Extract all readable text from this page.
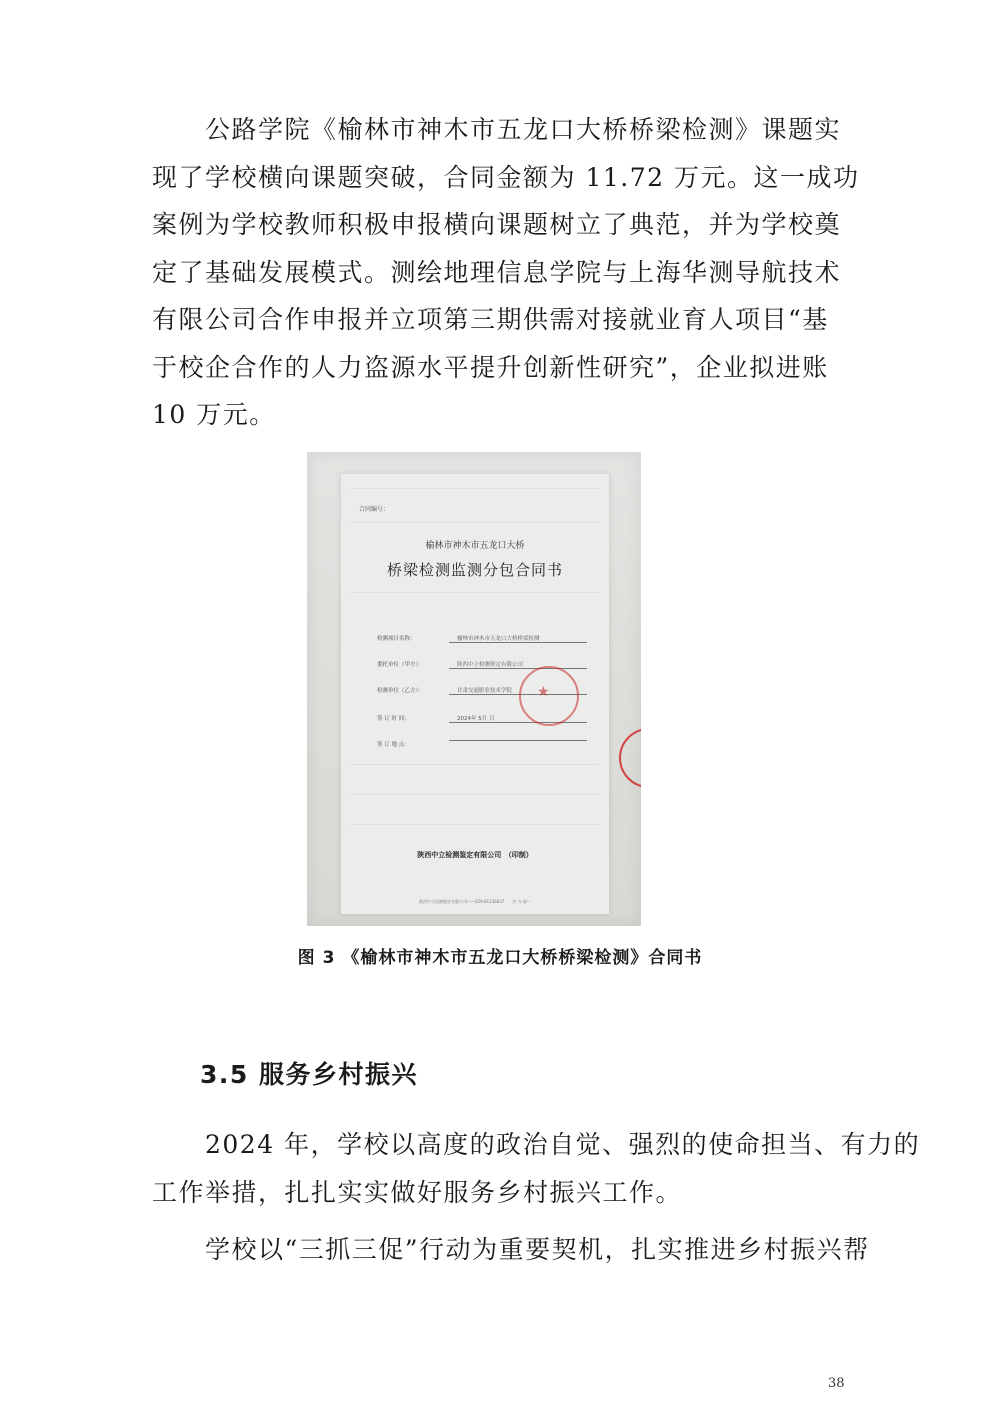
　　公路学院《榆林市神木市五龙口大桥桥梁检测》课题实
现了学校横向课题突破，合同金额为 11.72 万元。这一成功
案例为学校教师积极申报横向课题树立了典范，并为学校奠
定了基础发展模式。测绘地理信息学院与上海华测导航技术
有限公司合作申报并立项第三期供需对接就业育人项目“基
于校企合作的人力盗源水平提升创新性研究”，企业拟进账
10 万元。
合同编号：
榆林市神木市五龙口大桥
桥梁检测监测分包合同书
检测项目名称：	榆林市神木市五龙口大桥桥梁检测
委托单位（甲方）：	陕西中立检测鉴定有限公司
检测单位（乙方）：	甘肃交通职业技术学院
签 订 时 间：	2024年 5月 日
签 订 地 点：
★
陕西中立检测鉴定有限公司　（印制）
陕西中立检测鉴定有限公司——029-81136837　　共 今 册一
图 3 《榆林市神木市五龙口大桥桥梁检测》合同书
3.5 服务乡村振兴
　　2024 年，学校以高度的政治自觉、强烈的使命担当、有力的
工作举措，扎扎实实做好服务乡村振兴工作。
　　学校以“三抓三促”行动为重要契机，扎实推进乡村振兴帮
38
